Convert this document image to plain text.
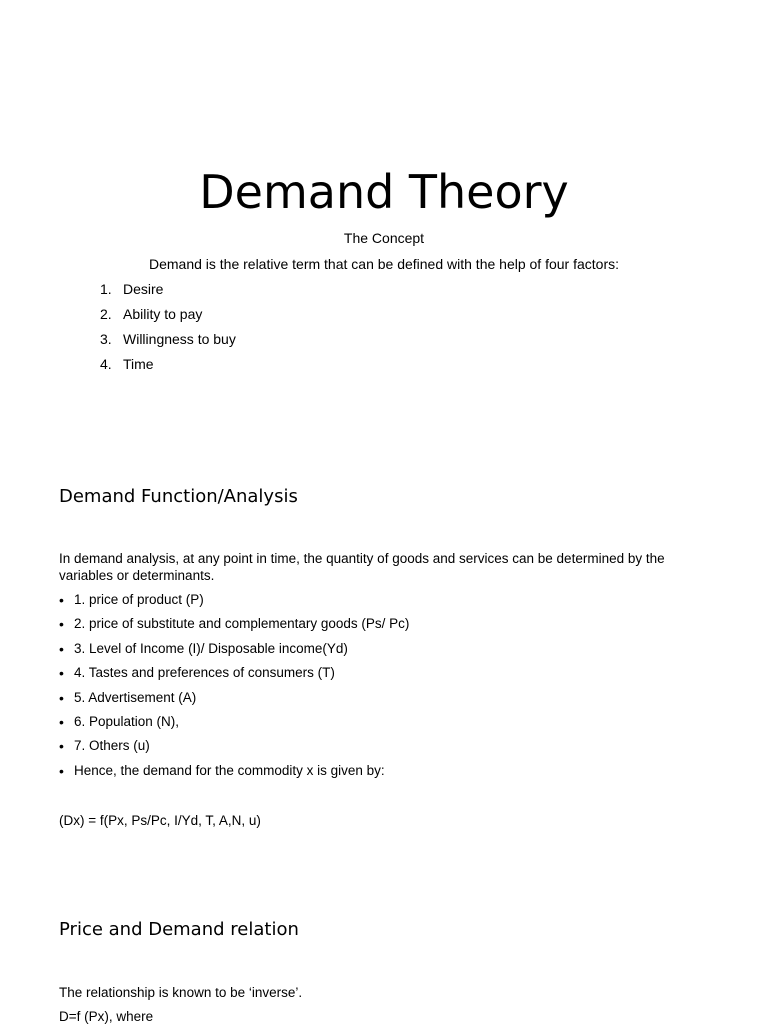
Demand Theory

The Concept

Demand is the relative term that can be defined with the help of four factors:

1. Desire
2. Ability to pay
3. Willingness to buy
4. Time
Demand Function/Analysis

In demand analysis, at any point in time, the quantity of goods and services can be determined by the variables or determinants.

• 1. price of product (P)
• 2. price of substitute and complementary goods (Ps/ Pc)
• 3. Level of Income (I)/ Disposable income(Yd)
• 4. Tastes and preferences of consumers (T)
• 5. Advertisement (A)
• 6. Population (N),
• 7. Others (u)
• Hence, the demand for the commodity x is given by:

(Dx) = f(Px, Ps/Pc, I/Yd, T, A,N, u)

Price and Demand relation

The relationship is known to be ‘inverse’.

D=f (Px), where
